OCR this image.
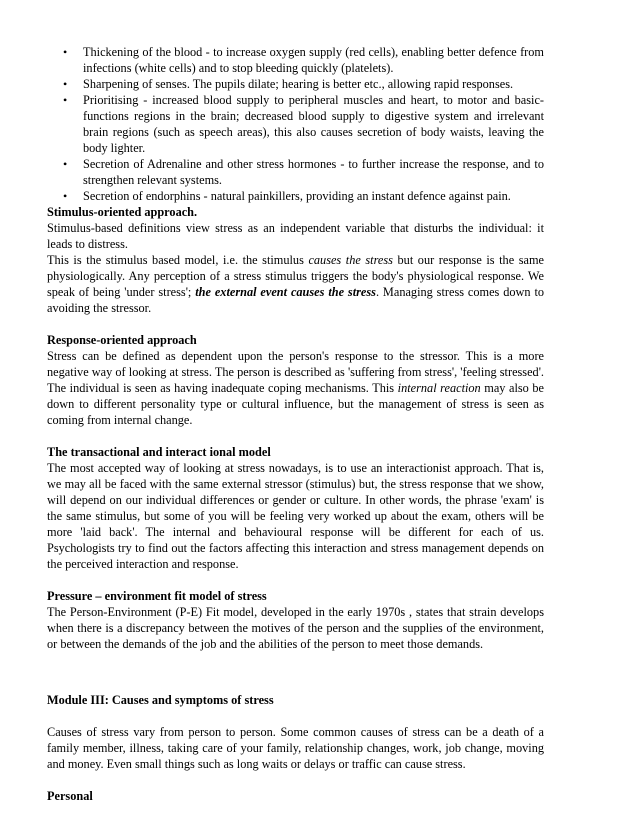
• Thickening of the blood - to increase oxygen supply (red cells), enabling better defence from infections (white cells) and to stop bleeding quickly (platelets).
• Sharpening of senses. The pupils dilate; hearing is better etc., allowing rapid responses.
• Prioritising - increased blood supply to peripheral muscles and heart, to motor and basic-functions regions in the brain; decreased blood supply to digestive system and irrelevant brain regions (such as speech areas), this also causes secretion of body waists, leaving the body lighter.
• Secretion of Adrenaline and other stress hormones - to further increase the response, and to strengthen relevant systems.
• Secretion of endorphins - natural painkillers, providing an instant defence against pain.

Stimulus-oriented approach.

Stimulus-based definitions view stress as an independent variable that disturbs the individual: it leads to distress.

This is the stimulus based model, i.e. the stimulus causes the stress but our response is the same physiologically. Any perception of a stress stimulus triggers the body's physiological response. We speak of being 'under stress'; the external event causes the stress. Managing stress comes down to avoiding the stressor.

Response-oriented approach

Stress can be defined as dependent upon the person's response to the stressor. This is a more negative way of looking at stress. The person is described as 'suffering from stress', 'feeling stressed'. The individual is seen as having inadequate coping mechanisms. This internal reaction may also be down to different personality type or cultural influence, but the management of stress is seen as coming from internal change.

The transactional and interact ional model

The most accepted way of looking at stress nowadays, is to use an interactionist approach. That is, we may all be faced with the same external stressor (stimulus) but, the stress response that we show, will depend on our individual differences or gender or culture. In other words, the phrase 'exam' is the same stimulus, but some of you will be feeling very worked up about the exam, others will be more 'laid back'. The internal and behavioural response will be different for each of us. Psychologists try to find out the factors affecting this interaction and stress management depends on the perceived interaction and response.

Pressure – environment fit model of stress

The Person-Environment (P-E) Fit model, developed in the early 1970s , states that strain develops when there is a discrepancy between the motives of the person and the supplies of the environment, or between the demands of the job and the abilities of the person to meet those demands.

Module III: Causes and symptoms of stress

Causes of stress vary from person to person. Some common causes of stress can be a death of a family member, illness, taking care of your family, relationship changes, work, job change, moving and money. Even small things such as long waits or delays or traffic can cause stress.

Personal
